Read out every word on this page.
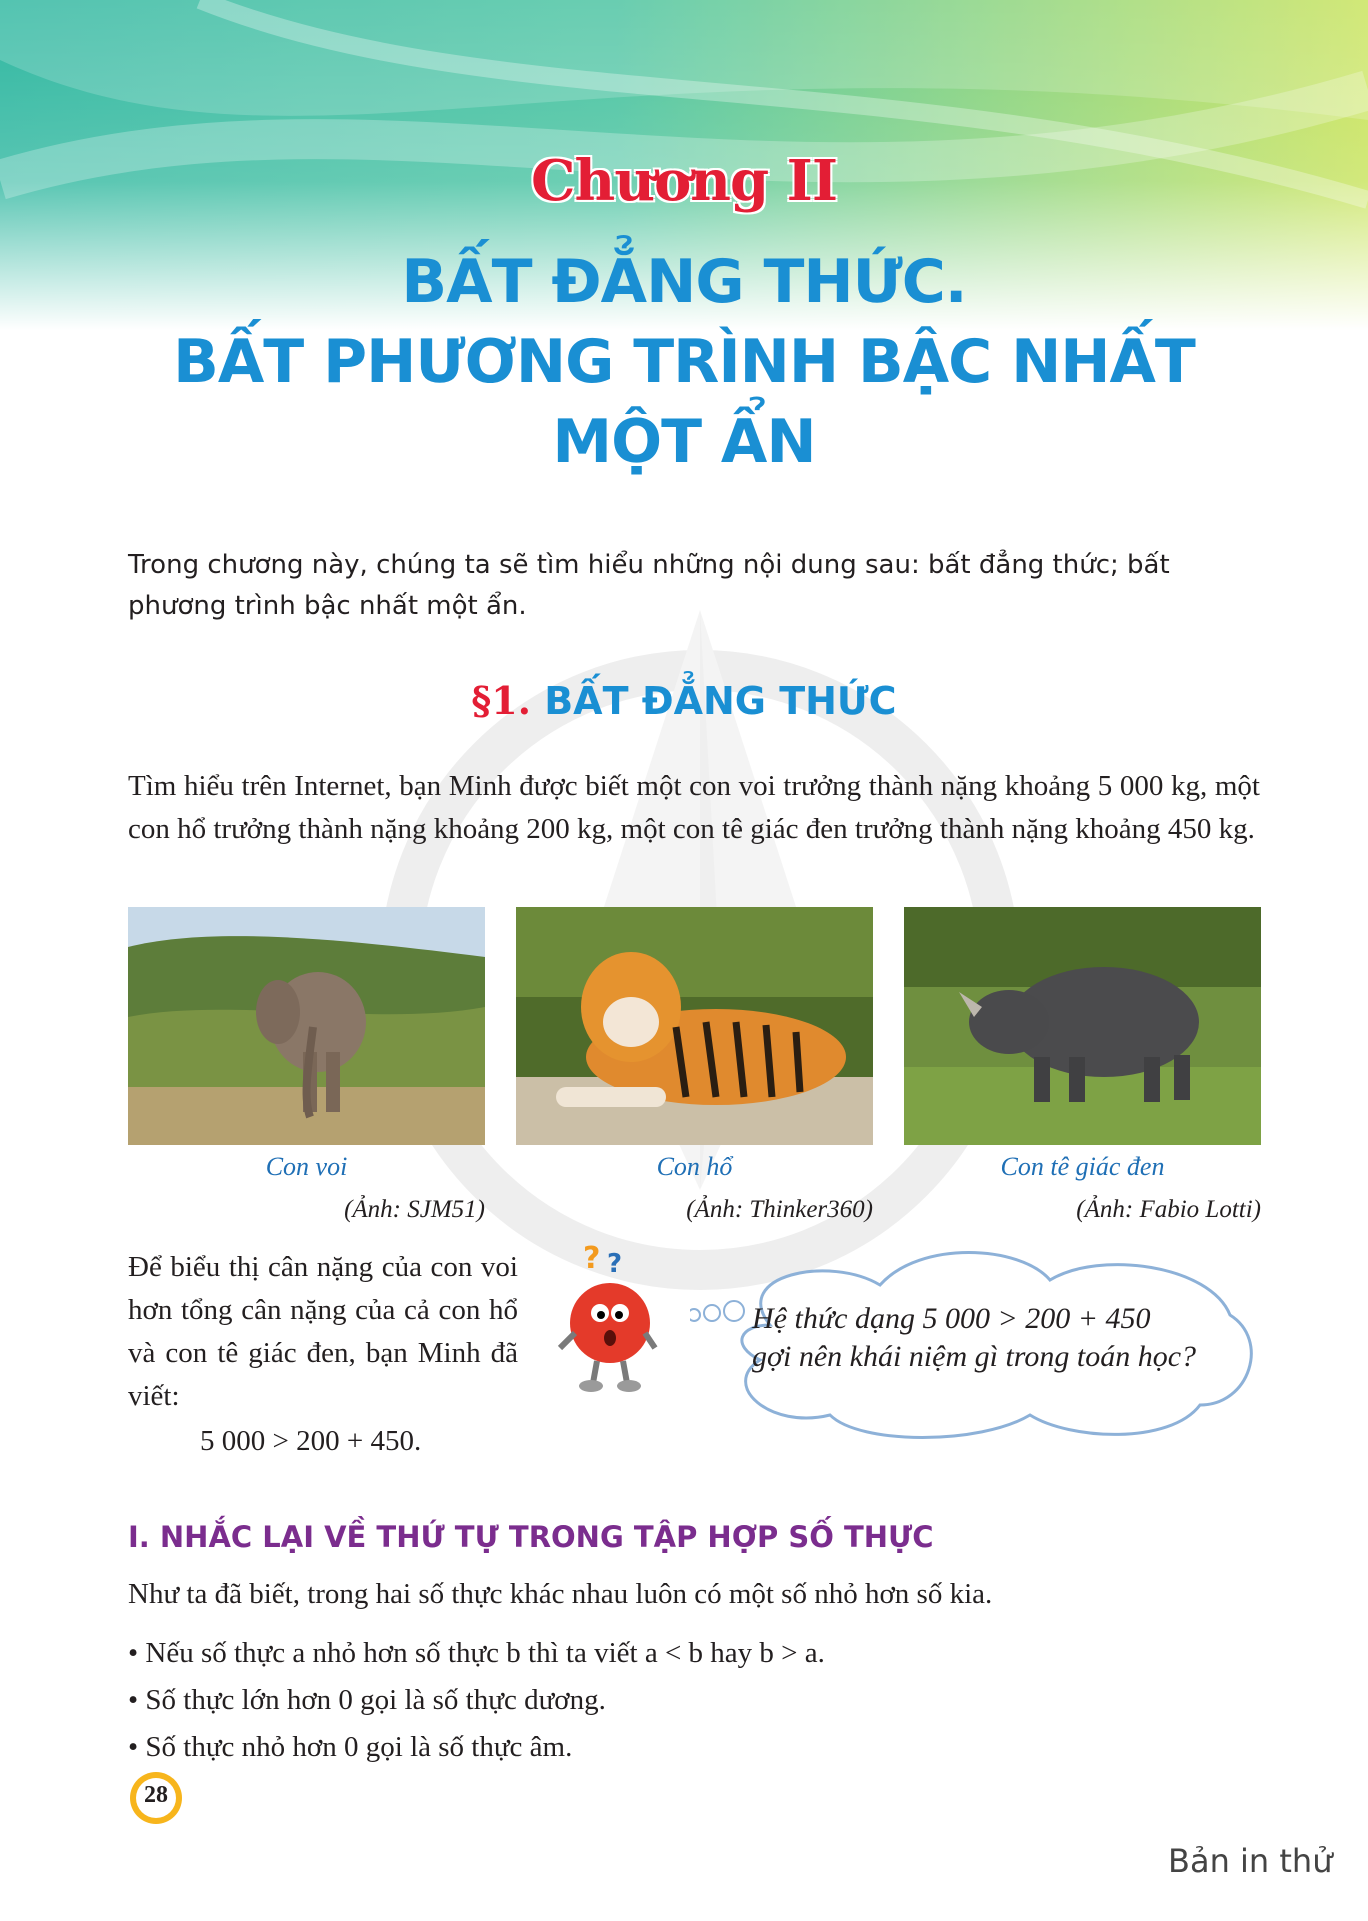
Chương II
BẤT ĐẲNG THỨC.
BẤT PHƯƠNG TRÌNH BẬC NHẤT
MỘT ẨN
Trong chương này, chúng ta sẽ tìm hiểu những nội dung sau: bất đẳng thức; bất phương trình bậc nhất một ẩn.
§1. BẤT ĐẲNG THỨC
Tìm hiểu trên Internet, bạn Minh được biết một con voi trưởng thành nặng khoảng 5 000 kg, một con hổ trưởng thành nặng khoảng 200 kg, một con tê giác đen trưởng thành nặng khoảng 450 kg.
Con voi
(Ảnh: SJM51)
Con hổ
(Ảnh: Thinker360)
Con tê giác đen
(Ảnh: Fabio Lotti)
Để biểu thị cân nặng của con voi hơn tổng cân nặng của cả con hổ và con tê giác đen, bạn Minh đã viết:
5 000 > 200 + 450.
? ?
Hệ thức dạng 5 000 > 200 + 450
gợi nên khái niệm gì trong toán học?
I. NHẮC LẠI VỀ THỨ TỰ TRONG TẬP HỢP SỐ THỰC
Như ta đã biết, trong hai số thực khác nhau luôn có một số nhỏ hơn số kia.
• Nếu số thực a nhỏ hơn số thực b thì ta viết a < b hay b > a.
• Số thực lớn hơn 0 gọi là số thực dương.
• Số thực nhỏ hơn 0 gọi là số thực âm.
28
Bản in thử
